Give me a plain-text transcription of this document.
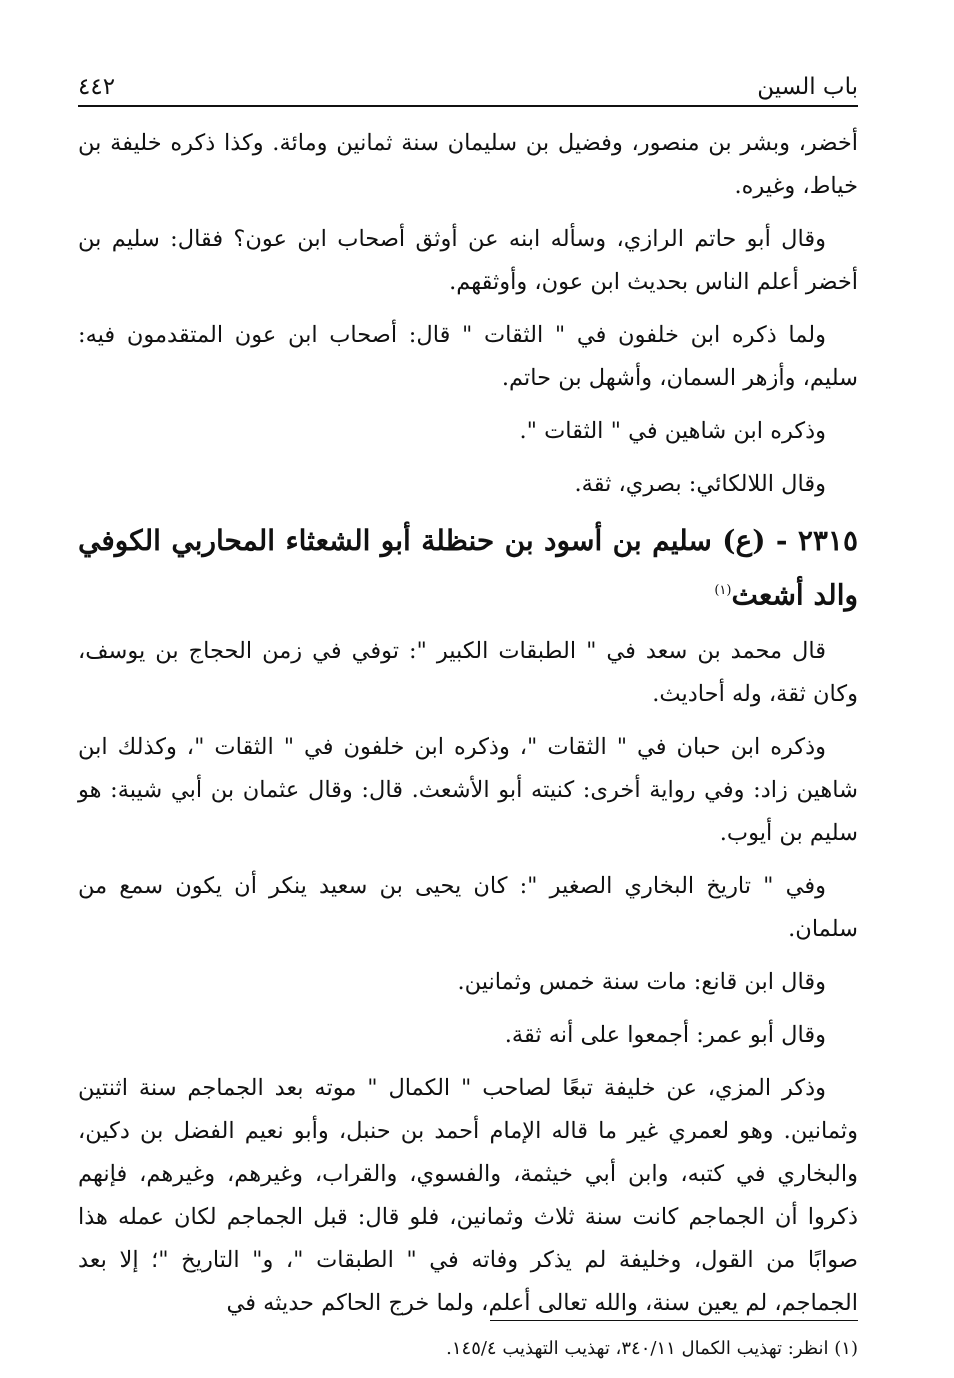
باب السين
٤٤٢

أخضر، وبشر بن منصور، وفضيل بن سليمان سنة ثمانين ومائة. وكذا ذكره خليفة بن خياط، وغيره.

وقال أبو حاتم الرازي، وسأله ابنه عن أوثق أصحاب ابن عون؟ فقال: سليم بن أخضر أعلم الناس بحديث ابن عون، وأوثقهم.

ولما ذكره ابن خلفون في " الثقات " قال: أصحاب ابن عون المتقدمون فيه: سليم، وأزهر السمان، وأشهل بن حاتم.

وذكره ابن شاهين في " الثقات ".

وقال اللالكائي: بصري، ثقة.

٢٣١٥ - (ع) سليم بن أسود بن حنظلة أبو الشعثاء المحاربي الكوفي والد أشعث$^{(١)}$

قال محمد بن سعد في " الطبقات الكبير ": توفي في زمن الحجاج بن يوسف، وكان ثقة، وله أحاديث.

وذكره ابن حبان في " الثقات "، وذكره ابن خلفون في " الثقات "، وكذلك ابن شاهين زاد: وفي رواية أخرى: كنيته أبو الأشعث. قال: وقال عثمان بن أبي شيبة: هو سليم بن أيوب.

وفي " تاريخ البخاري الصغير ": كان يحيى بن سعيد ينكر أن يكون سمع من سلمان.

وقال ابن قانع: مات سنة خمس وثمانين.

وقال أبو عمر: أجمعوا على أنه ثقة.

وذكر المزي، عن خليفة تبعًا لصاحب " الكمال " موته بعد الجماجم سنة اثنتين وثمانين. وهو لعمري غير ما قاله الإمام أحمد بن حنبل، وأبو نعيم الفضل بن دكين، والبخاري في كتبه، وابن أبي خيثمة، والفسوي، والقراب، وغيرهم، وغيرهم، فإنهم ذكروا أن الجماجم كانت سنة ثلاث وثمانين، فلو قال: قبل الجماجم لكان عمله هذا صوابًا من القول، وخليفة لم يذكر وفاته في " الطبقات "، و" التاريخ "؛ إلا بعد الجماجم، لم يعين سنة، والله تعالى أعلم، ولما خرج الحاكم حديثه في

(١) انظر: تهذيب الكمال ٣٤٠/١١، تهذيب التهذيب ١٤٥/٤.
